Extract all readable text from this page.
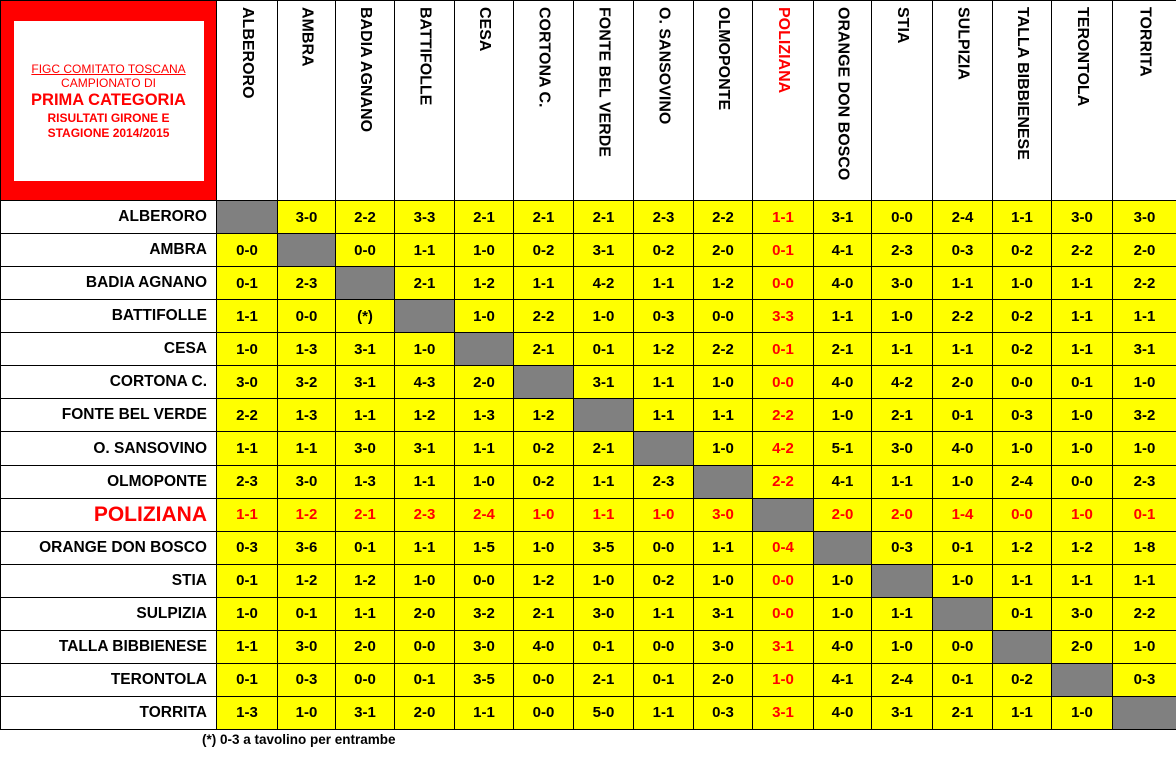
FIGC COMITATO TOSCANA
CAMPIONATO DI
PRIMA CATEGORIA
RISULTATI GIRONE E
STAGIONE 2014/2015	ALBERORO	AMBRA	BADIA AGNANO	BATTIFOLLE	CESA	CORTONA C.	FONTE BEL VERDE	O. SANSOVINO	OLMOPONTE	POLIZIANA	ORANGE DON BOSCO	STIA	SULPIZIA	TALLA BIBBIENESE	TERONTOLA	TORRITA

ALBERORO		3-0	2-2	3-3	2-1	2-1	2-1	2-3	2-2	1-1	3-1	0-0	2-4	1-1	3-0	3-0
AMBRA	0-0		0-0	1-1	1-0	0-2	3-1	0-2	2-0	0-1	4-1	2-3	0-3	0-2	2-2	2-0
BADIA AGNANO	0-1	2-3		2-1	1-2	1-1	4-2	1-1	1-2	0-0	4-0	3-0	1-1	1-0	1-1	2-2
BATTIFOLLE	1-1	0-0	(*)		1-0	2-2	1-0	0-3	0-0	3-3	1-1	1-0	2-2	0-2	1-1	1-1
CESA	1-0	1-3	3-1	1-0		2-1	0-1	1-2	2-2	0-1	2-1	1-1	1-1	0-2	1-1	3-1
CORTONA C.	3-0	3-2	3-1	4-3	2-0		3-1	1-1	1-0	0-0	4-0	4-2	2-0	0-0	0-1	1-0
FONTE BEL VERDE	2-2	1-3	1-1	1-2	1-3	1-2		1-1	1-1	2-2	1-0	2-1	0-1	0-3	1-0	3-2
O. SANSOVINO	1-1	1-1	3-0	3-1	1-1	0-2	2-1		1-0	4-2	5-1	3-0	4-0	1-0	1-0	1-0
OLMOPONTE	2-3	3-0	1-3	1-1	1-0	0-2	1-1	2-3		2-2	4-1	1-1	1-0	2-4	0-0	2-3
POLIZIANA	1-1	1-2	2-1	2-3	2-4	1-0	1-1	1-0	3-0		2-0	2-0	1-4	0-0	1-0	0-1
ORANGE DON BOSCO	0-3	3-6	0-1	1-1	1-5	1-0	3-5	0-0	1-1	0-4		0-3	0-1	1-2	1-2	1-8
STIA	0-1	1-2	1-2	1-0	0-0	1-2	1-0	0-2	1-0	0-0	1-0		1-0	1-1	1-1	1-1
SULPIZIA	1-0	0-1	1-1	2-0	3-2	2-1	3-0	1-1	3-1	0-0	1-0	1-1		0-1	3-0	2-2
TALLA BIBBIENESE	1-1	3-0	2-0	0-0	3-0	4-0	0-1	0-0	3-0	3-1	4-0	1-0	0-0		2-0	1-0
TERONTOLA	0-1	0-3	0-0	0-1	3-5	0-0	2-1	0-1	2-0	1-0	4-1	2-4	0-1	0-2		0-3
TORRITA	1-3	1-0	3-1	2-0	1-1	0-0	5-0	1-1	0-3	3-1	4-0	3-1	2-1	1-1	1-0	
(*) 0-3 a tavolino per entrambe
